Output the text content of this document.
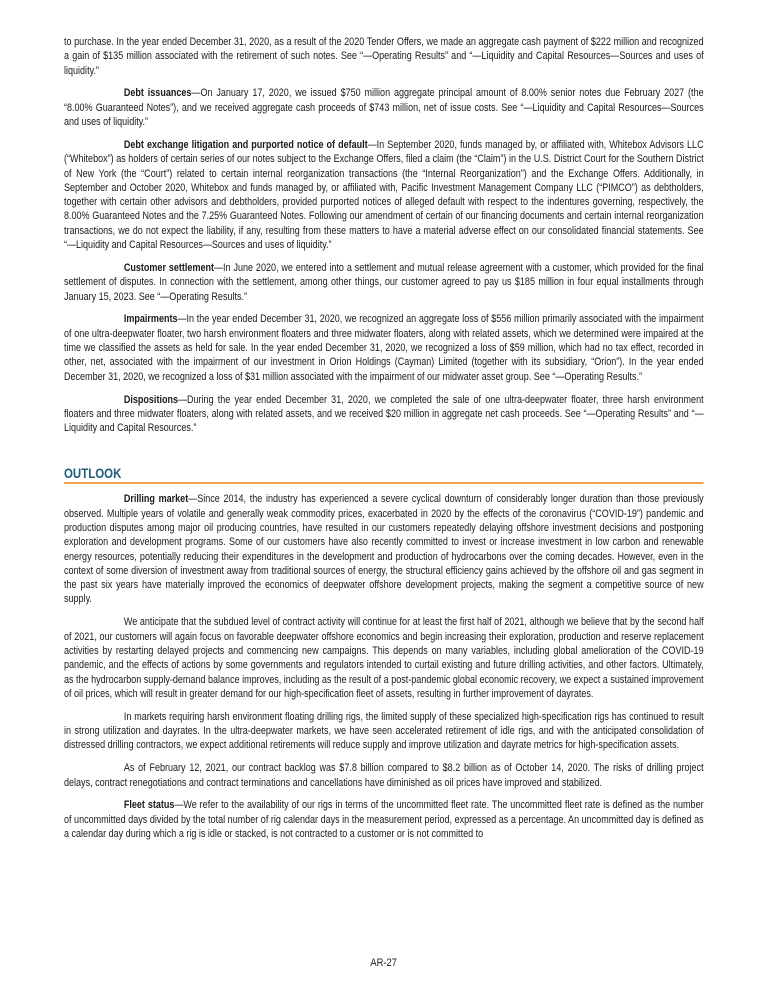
to purchase. In the year ended December 31, 2020, as a result of the 2020 Tender Offers, we made an aggregate cash payment of $222 million and recognized a gain of $135 million associated with the retirement of such notes. See “—Operating Results” and “—Liquidity and Capital Resources—Sources and uses of liquidity.”

Debt issuances—On January 17, 2020, we issued $750 million aggregate principal amount of 8.00% senior notes due February 2027 (the “8.00% Guaranteed Notes”), and we received aggregate cash proceeds of $743 million, net of issue costs. See “—Liquidity and Capital Resources—Sources and uses of liquidity.”

Debt exchange litigation and purported notice of default—In September 2020, funds managed by, or affiliated with, Whitebox Advisors LLC (“Whitebox”) as holders of certain series of our notes subject to the Exchange Offers, filed a claim (the “Claim”) in the U.S. District Court for the Southern District of New York (the “Court”) related to certain internal reorganization transactions (the “Internal Reorganization”) and the Exchange Offers. Additionally, in September and October 2020, Whitebox and funds managed by, or affiliated with, Pacific Investment Management Company LLC (“PIMCO”) as debtholders, together with certain other advisors and debtholders, provided purported notices of alleged default with respect to the indentures governing, respectively, the 8.00% Guaranteed Notes and the 7.25% Guaranteed Notes. Following our amendment of certain of our financing documents and certain internal reorganization transactions, we do not expect the liability, if any, resulting from these matters to have a material adverse effect on our consolidated financial statements. See “—Liquidity and Capital Resources—Sources and uses of liquidity.”

Customer settlement—In June 2020, we entered into a settlement and mutual release agreement with a customer, which provided for the final settlement of disputes. In connection with the settlement, among other things, our customer agreed to pay us $185 million in four equal installments through January 15, 2023. See “—Operating Results.”

Impairments—In the year ended December 31, 2020, we recognized an aggregate loss of $556 million primarily associated with the impairment of one ultra-deepwater floater, two harsh environment floaters and three midwater floaters, along with related assets, which we determined were impaired at the time we classified the assets as held for sale. In the year ended December 31, 2020, we recognized a loss of $59 million, which had no tax effect, recorded in other, net, associated with the impairment of our investment in Orion Holdings (Cayman) Limited (together with its subsidiary, “Orion”). In the year ended December 31, 2020, we recognized a loss of $31 million associated with the impairment of our midwater asset group. See “—Operating Results.”

Dispositions—During the year ended December 31, 2020, we completed the sale of one ultra-deepwater floater, three harsh environment floaters and three midwater floaters, along with related assets, and we received $20 million in aggregate net cash proceeds. See “—Operating Results” and “—Liquidity and Capital Resources.”

OUTLOOK

Drilling market—Since 2014, the industry has experienced a severe cyclical downturn of considerably longer duration than those previously observed. Multiple years of volatile and generally weak commodity prices, exacerbated in 2020 by the effects of the coronavirus (“COVID-19”) pandemic and production disputes among major oil producing countries, have resulted in our customers repeatedly delaying offshore investment decisions and postponing exploration and development programs. Some of our customers have also recently committed to invest or increase investment in low carbon and renewable energy resources, potentially reducing their expenditures in the development and production of hydrocarbons over the coming decades. However, even in the context of some diversion of investment away from traditional sources of energy, the structural efficiency gains achieved by the offshore oil and gas segment in the past six years have materially improved the economics of deepwater offshore development projects, making the segment a competitive source of new supply.

We anticipate that the subdued level of contract activity will continue for at least the first half of 2021, although we believe that by the second half of 2021, our customers will again focus on favorable deepwater offshore economics and begin increasing their exploration, production and reserve replacement activities by restarting delayed projects and commencing new campaigns. This depends on many variables, including global amelioration of the COVID-19 pandemic, and the effects of actions by some governments and regulators intended to curtail existing and future drilling activities, and other factors. Ultimately, as the hydrocarbon supply-demand balance improves, including as the result of a post-pandemic global economic recovery, we expect a sustained improvement of oil prices, which will result in greater demand for our high-specification fleet of assets, resulting in further improvement of dayrates.

In markets requiring harsh environment floating drilling rigs, the limited supply of these specialized high-specification rigs has continued to result in strong utilization and dayrates. In the ultra-deepwater markets, we have seen accelerated retirement of idle rigs, and with the anticipated consolidation of distressed drilling contractors, we expect additional retirements will reduce supply and improve utilization and dayrate metrics for high-specification assets.

As of February 12, 2021, our contract backlog was $7.8 billion compared to $8.2 billion as of October 14, 2020. The risks of drilling project delays, contract renegotiations and contract terminations and cancellations have diminished as oil prices have improved and stabilized.

Fleet status—We refer to the availability of our rigs in terms of the uncommitted fleet rate. The uncommitted fleet rate is defined as the number of uncommitted days divided by the total number of rig calendar days in the measurement period, expressed as a percentage. An uncommitted day is defined as a calendar day during which a rig is idle or stacked, is not contracted to a customer or is not committed to

AR-27
